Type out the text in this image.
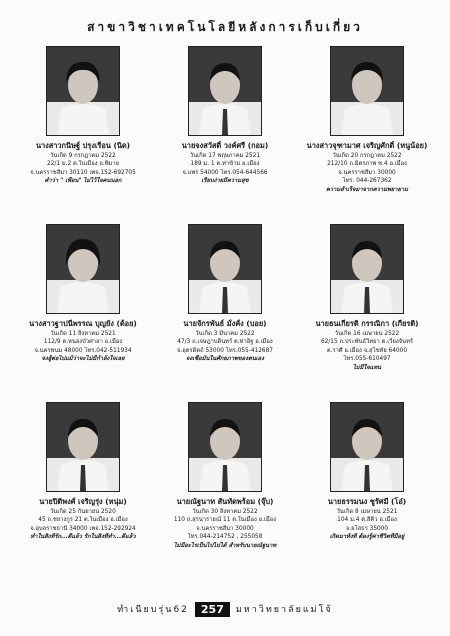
สาขาวิชาเทคโนโลยีหลังการเก็บเกี่ยว
นางสาวกนิษฐ์ ปรุงเรือน (นิด)
วันเกิด 9 กรกฎาคม 2522
22/1 ม.2 ต.ในเมือง อ.พิมาย
จ.นครราชสีมา 30110 เพจ.152-692705
คำว่า " เพื่อน" ไม่ไว้ใจคนนอก
นายจงสวัสดิ์ วงค์ศรี (กอม)
วันเกิด 17 พฤษภาคม 2521
189 ม. 1 ต.ท่าข้าม อ.เมือง
จ.แพร่ 54000 โทร.054-644566
เรียบง่ายมีความสุข
นางสาวจุฑามาศ เจริญศักดิ์ (หนูน้อย)
วันเกิด 20 กรกฎาคม 2522
212/10 ถ.มิตรภาพ ซ.4 อ.เมือง
จ.นครราชสีมา 30000
โทร. 044-267362
ความสำเร็จมาจากความพยายาม
นางสาวฐาปนีพรรณ บุญยัง (ต้อย)
วันเกิด 11 สิงหาคม 2521
112/9 ต.หนองบัวศาลา อ.เมือง
จ.นครพนม 48000 โทร.042-511934
จงสู้ต่อไปแม้ว่าจะไม่มีกำลังใจเลย
นายจักรพันธ์ มั่งคั่ง (บอย)
วันเกิด 3 มีนาคม 2522
47/3 ถ.เจษฎาบดินทร์ ต.ท่าอิฐ อ.เมือง
จ.อุตรดิตถ์ 53000 โทร.055-412687
จงเชื่อมั่นในศักยภาพของตนเอง
นายธนเกียรติ กรรณิกา (เกียรติ)
วันเกิด 16 เมษายน 2522
62/15 ถ.ประพันธ์วิทยา ต.เวียงจันทร์
ต.ราศี อ.เมือง จ.สุโขทัย 64000
โทร.055-610497
ไม่มีใจแทน
นายปิติพงศ์ เจริญรุ่ง (หนุ่ม)
วันเกิด 25 กันยายน 2520
45 ถ.ชยางกูร 21 ต.ในเมือง อ.เมือง
จ.อุบลราชธานี 34000 เพจ.152-292924
ทำในสิ่งที่รัก...ดีแล้ว รักในสิ่งที่ทำ...ดีแล้ว
นายณัฐนาท สันทัดพร้อม (จุ๊บ)
วันเกิด 30 สิงหาคม 2522
110 ถ.สุรนารายณ์ 11 ต.ในเมือง อ.เมือง
จ.นครราชสีมา 30000
โทร.044-214752 , 255058
ไม่มีอะไรเป็นไปไม่ได้ สำหรับนายณัฐนาท
นายธรรมนง ชูรัศมี (โอ๋)
วันเกิด 8 เมษายน 2521
104 ม.4 ต.สีคิ้ว อ.เมือง
จ.ยโสธร 35000
เกิดมาทั้งที ต้องรู้ค่าชีวิตที่มีอยู่
ทำเนียบรุ่น62	257	มหาวิทยาลัยแม่โจ้
